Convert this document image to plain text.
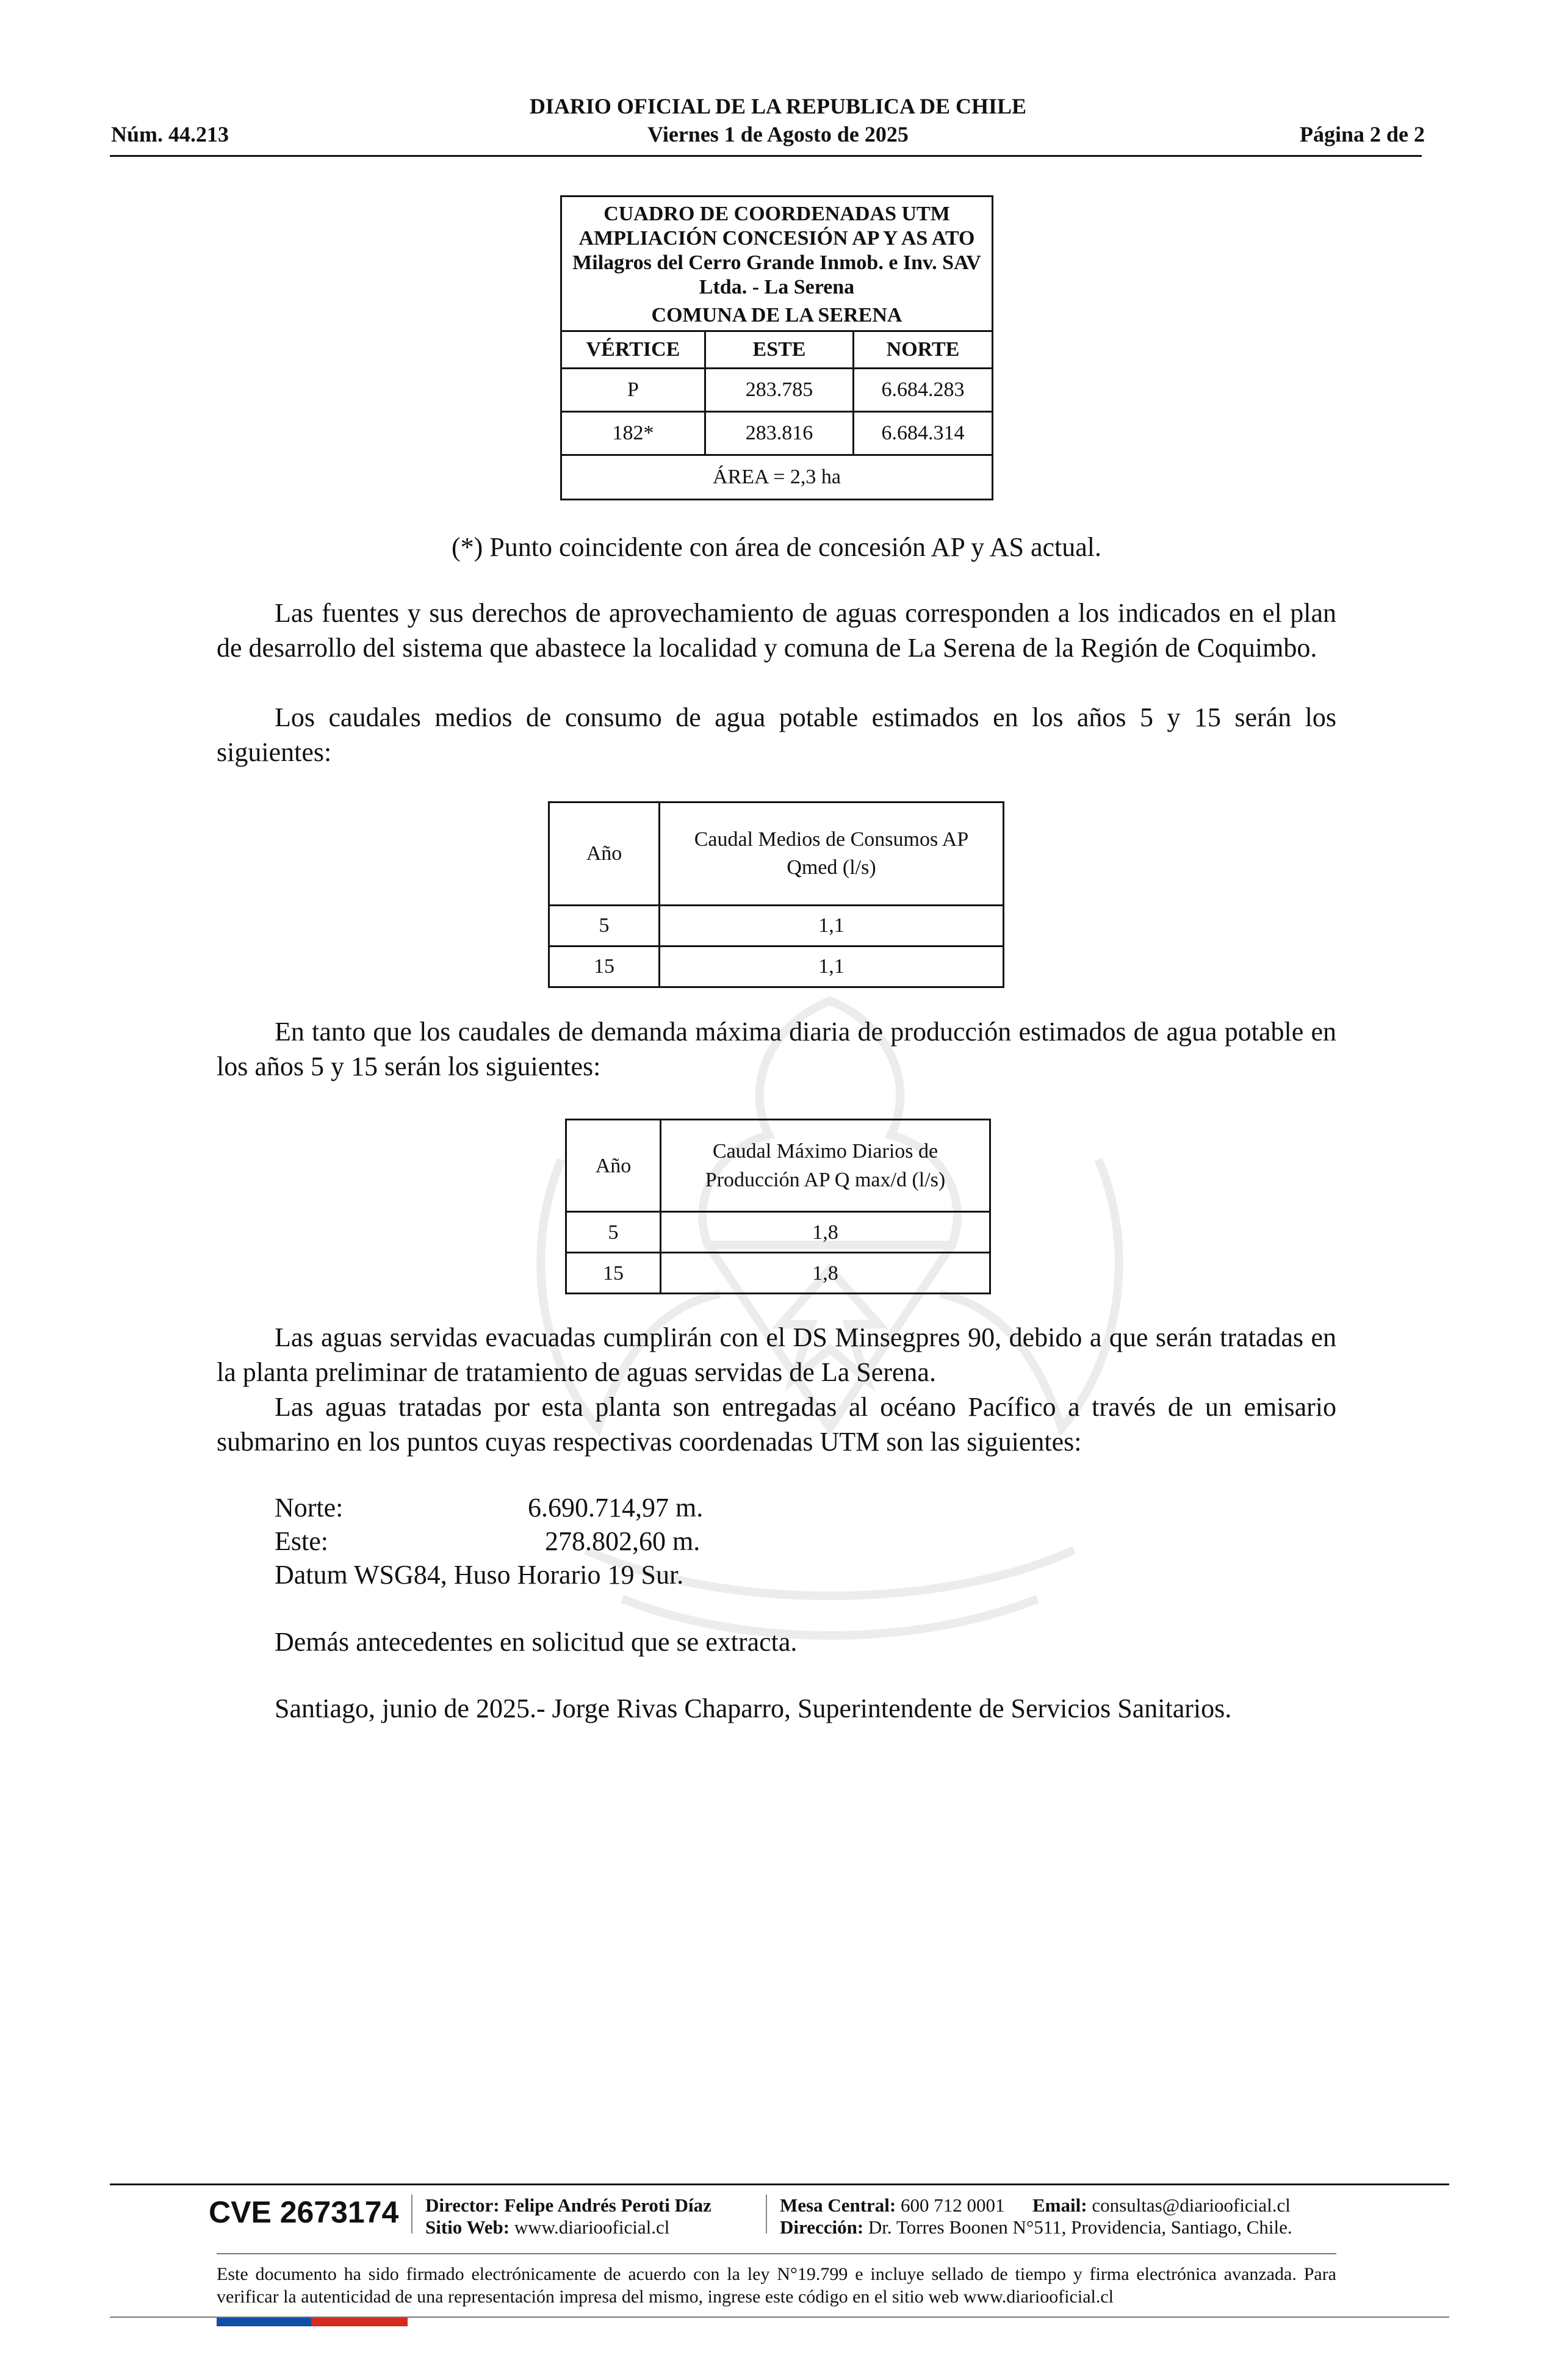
DIARIO OFICIAL DE LA REPUBLICA DE CHILE
Núm. 44.213	Viernes 1 de Agosto de 2025	Página 2 de 2
CUADRO DE COORDENADAS UTM AMPLIACIÓN CONCESIÓN AP Y AS ATO Milagros del Cerro Grande Inmob. e Inv. SAV Ltda. - La Serena		
COMUNA DE LA SERENA		
VÉRTICE	ESTE	NORTE
P	283.785	6.684.283
182*	283.816	6.684.314
ÁREA = 2,3 ha		
(*) Punto coincidente con área de concesión AP y AS actual.
Las fuentes y sus derechos de aprovechamiento de aguas corresponden a los indicados en el plan de desarrollo del sistema que abastece la localidad y comuna de La Serena de la Región de Coquimbo.
Los caudales medios de consumo de agua potable estimados en los años 5 y 15 serán los siguientes:
Año	Caudal Medios de Consumos AP Qmed (l/s)
5	1,1
15	1,1
En tanto que los caudales de demanda máxima diaria de producción estimados de agua potable en los años 5 y 15 serán los siguientes:
Año	Caudal Máximo Diarios de Producción AP Q max/d (l/s)
5	1,8
15	1,8
Las aguas servidas evacuadas cumplirán con el DS Minsegpres 90, debido a que serán tratadas en la planta preliminar de tratamiento de aguas servidas de La Serena.
Las aguas tratadas por esta planta son entregadas al océano Pacífico a través de un emisario submarino en los puntos cuyas respectivas coordenadas UTM son las siguientes:
Norte:	6.690.714,97 m.
Este:	278.802,60 m.
Datum WSG84, Huso Horario 19 Sur.
Demás antecedentes en solicitud que se extracta.
Santiago, junio de 2025.- Jorge Rivas Chaparro, Superintendente de Servicios Sanitarios.
CVE 2673174 Director: Felipe Andrés Peroti Díaz
Sitio Web: www.diariooficial.cl
Mesa Central: 600 712 0001 Email: consultas@diariooficial.cl
Dirección: Dr. Torres Boonen N°511, Providencia, Santiago, Chile.
Este documento ha sido firmado electrónicamente de acuerdo con la ley N°19.799 e incluye sellado de tiempo y firma electrónica avanzada. Para verificar la autenticidad de una representación impresa del mismo, ingrese este código en el sitio web www.diariooficial.cl
